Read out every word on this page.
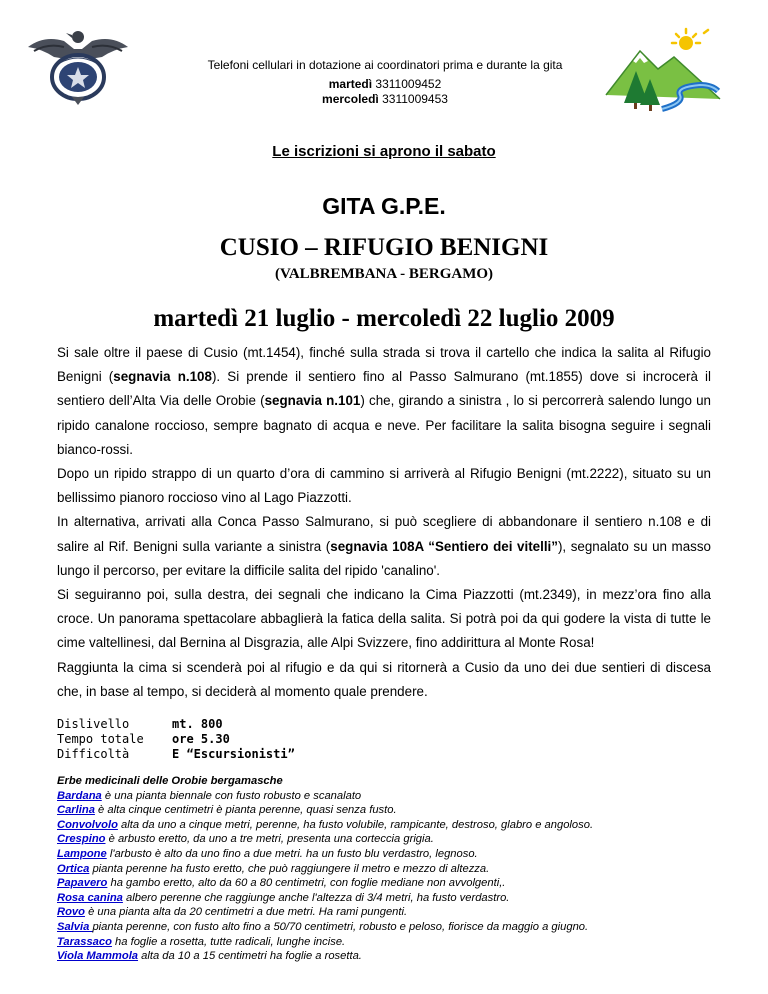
Telefoni cellulari in dotazione ai coordinatori prima e durante la gita
martedì 3311009452
mercoledì 3311009453
Le iscrizioni si aprono il sabato
GITA G.P.E.
CUSIO – RIFUGIO BENIGNI
(VALBREMBANA - BERGAMO)
martedì 21 luglio - mercoledì 22 luglio 2009

Si sale oltre il paese di Cusio (mt.1454), finché sulla strada si trova il cartello che indica la salita al Rifugio Benigni (segnavia n.108). Si prende il sentiero fino al Passo Salmurano (mt.1855) dove si incrocerà il sentiero dell’Alta Via delle Orobie (segnavia n.101) che, girando a sinistra , lo si percorrerà salendo lungo un ripido canalone roccioso, sempre bagnato di acqua e neve. Per facilitare la salita bisogna seguire i segnali bianco-rossi.

Dopo un ripido strappo di un quarto d’ora di cammino si arriverà al Rifugio Benigni (mt.2222), situato su un bellissimo pianoro roccioso vino al Lago Piazzotti.

In alternativa, arrivati alla Conca Passo Salmurano, si può scegliere di abbandonare il sentiero n.108 e di salire al Rif. Benigni sulla variante a sinistra (segnavia 108A “Sentiero dei vitelli”), segnalato su un masso lungo il percorso, per evitare la difficile salita del ripido 'canalino'.

Si seguiranno poi, sulla destra, dei segnali che indicano la Cima Piazzotti (mt.2349), in mezz’ora fino alla croce. Un panorama spettacolare abbaglierà la fatica della salita. Si potrà poi da qui godere la vista di tutte le cime valtellinesi, dal Bernina al Disgrazia, alle Alpi Svizzere, fino addirittura al Monte Rosa!

Raggiunta la cima si scenderà poi al rifugio e da qui si ritornerà a Cusio da uno dei due sentieri di discesa che, in base al tempo, si deciderà al momento quale prendere.

Dislivello	mt. 800
Tempo totale	ore 5.30
Difficoltà	E “Escursionisti”
Erbe medicinali delle Orobie bergamasche
Bardana è una pianta biennale con fusto robusto e scanalato
Carlina è alta cinque centimetri è pianta perenne, quasi senza fusto.
Convolvolo alta da uno a cinque metri, perenne, ha fusto volubile, rampicante, destroso, glabro e angoloso.
Crespino è arbusto eretto, da uno a tre metri, presenta una corteccia grigia.
Lampone l'arbusto è alto da uno fino a due metri. ha un fusto blu verdastro, legnoso.
Ortica pianta perenne ha fusto eretto, che può raggiungere il metro e mezzo di altezza.
Papavero ha gambo eretto, alto da 60 a 80 centimetri, con foglie mediane non avvolgenti,.
Rosa canina albero perenne che raggiunge anche l'altezza di 3/4 metri, ha fusto verdastro.
Rovo è una pianta alta da 20 centimetri a due metri. Ha rami pungenti.
Salvia pianta perenne, con fusto alto fino a 50/70 centimetri, robusto e peloso, fiorisce da maggio a giugno.
Tarassaco ha foglie a rosetta, tutte radicali, lunghe incise.
Viola Mammola alta da 10 a 15 centimetri ha foglie a rosetta.
